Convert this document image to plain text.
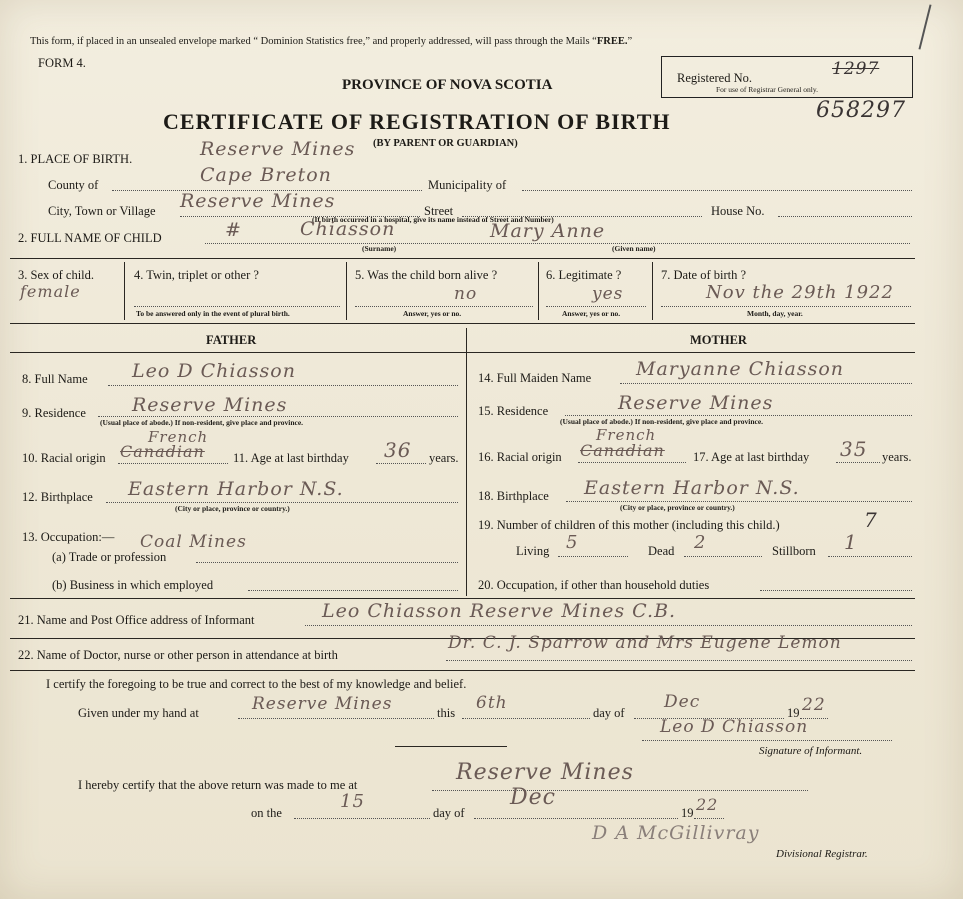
This form, if placed in an unsealed envelope marked “ Dominion Statistics free,” and properly addressed, will pass through the Mails “FREE.”
FORM 4.
PROVINCE OF NOVA SCOTIA	Registered No.	1297
For use of Registrar General only.
658297
CERTIFICATE OF REGISTRATION OF BIRTH
(BY PARENT OR GUARDIAN)
1. PLACE OF BIRTH.	Reserve Mines
County of	Cape Breton	Municipality of
City, Town or Village Reserve Mines	Street
(If birth occurred in a hospital, give its name instead of Street and Number)
House No.
2. FULL NAME OF CHILD	#	Chiasson	Mary Anne
(Surname)	(Given name)
3. Sex of child.
female
4. Twin, triplet or other ?
To be answered only in the event of plural birth.
5. Was the child born alive ?
no
Answer, yes or no.
6. Legitimate ?
yes
Answer, yes or no.
7. Date of birth ?
Nov the 29th 1922
Month, day, year.
FATHER	MOTHER
8. Full Name Leo D Chiasson
9. Residence Reserve Mines
(Usual place of abode.) If non-resident, give place and province.
10. Racial origin Canadian
French
11. Age at last birthday 36 years.
12. Birthplace Eastern Harbor N.S.
(City or place, province or country.)
13. Occupation:— Coal Mines
(a) Trade or profession
(b) Business in which employed
14. Full Maiden Name Maryanne Chiasson
15. Residence	Reserve Mines
(Usual place of abode.) If non-resident, give place and province.
16. Racial origin Canadian
French
17. Age at last birthday 35 years.
18. Birthplace Eastern Harbor N.S.
(City or place, province or country.)
19. Number of children of this mother (including this child.)	7
Living 5	Dead 2	Stillborn 1
20. Occupation, if other than household duties
21. Name and Post Office address of Informant	Leo Chiasson Reserve Mines C.B.
22. Name of Doctor, nurse or other person in attendance at birth
Dr. C. J. Sparrow and Mrs Eugene Lemon
I certify the foregoing to be true and correct to the best of my knowledge and belief.
Given under my hand at	Reserve Mines	this 6th	day of
Dec
19 22
Leo D Chiasson
Signature of Informant.
I hereby certify that the above return was made to me at	Reserve Mines
on the
15
day of
Dec
19 22
D A McGillivray
Divisional Registrar.
